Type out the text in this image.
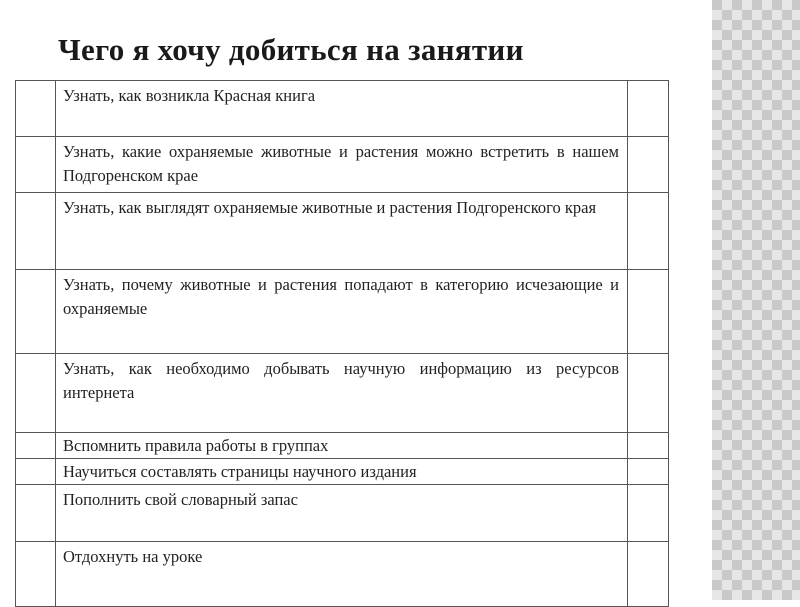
Чего я хочу добиться на занятии

	Узнать, как возникла Красная книга	

	Узнать, какие охраняемые животные и растения можно встретить в нашем Подгоренском крае	

	Узнать, как выглядят охраняемые животные и растения Подгоренского края	

	Узнать, почему животные и растения попадают в категорию исчезающие и охраняемые	

	Узнать, как необходимо добывать научную информацию из ресурсов интернета	

	Вспомнить правила работы в группах	

	Научиться составлять страницы научного издания	

	Пополнить свой словарный запас	

	Отдохнуть на уроке	
